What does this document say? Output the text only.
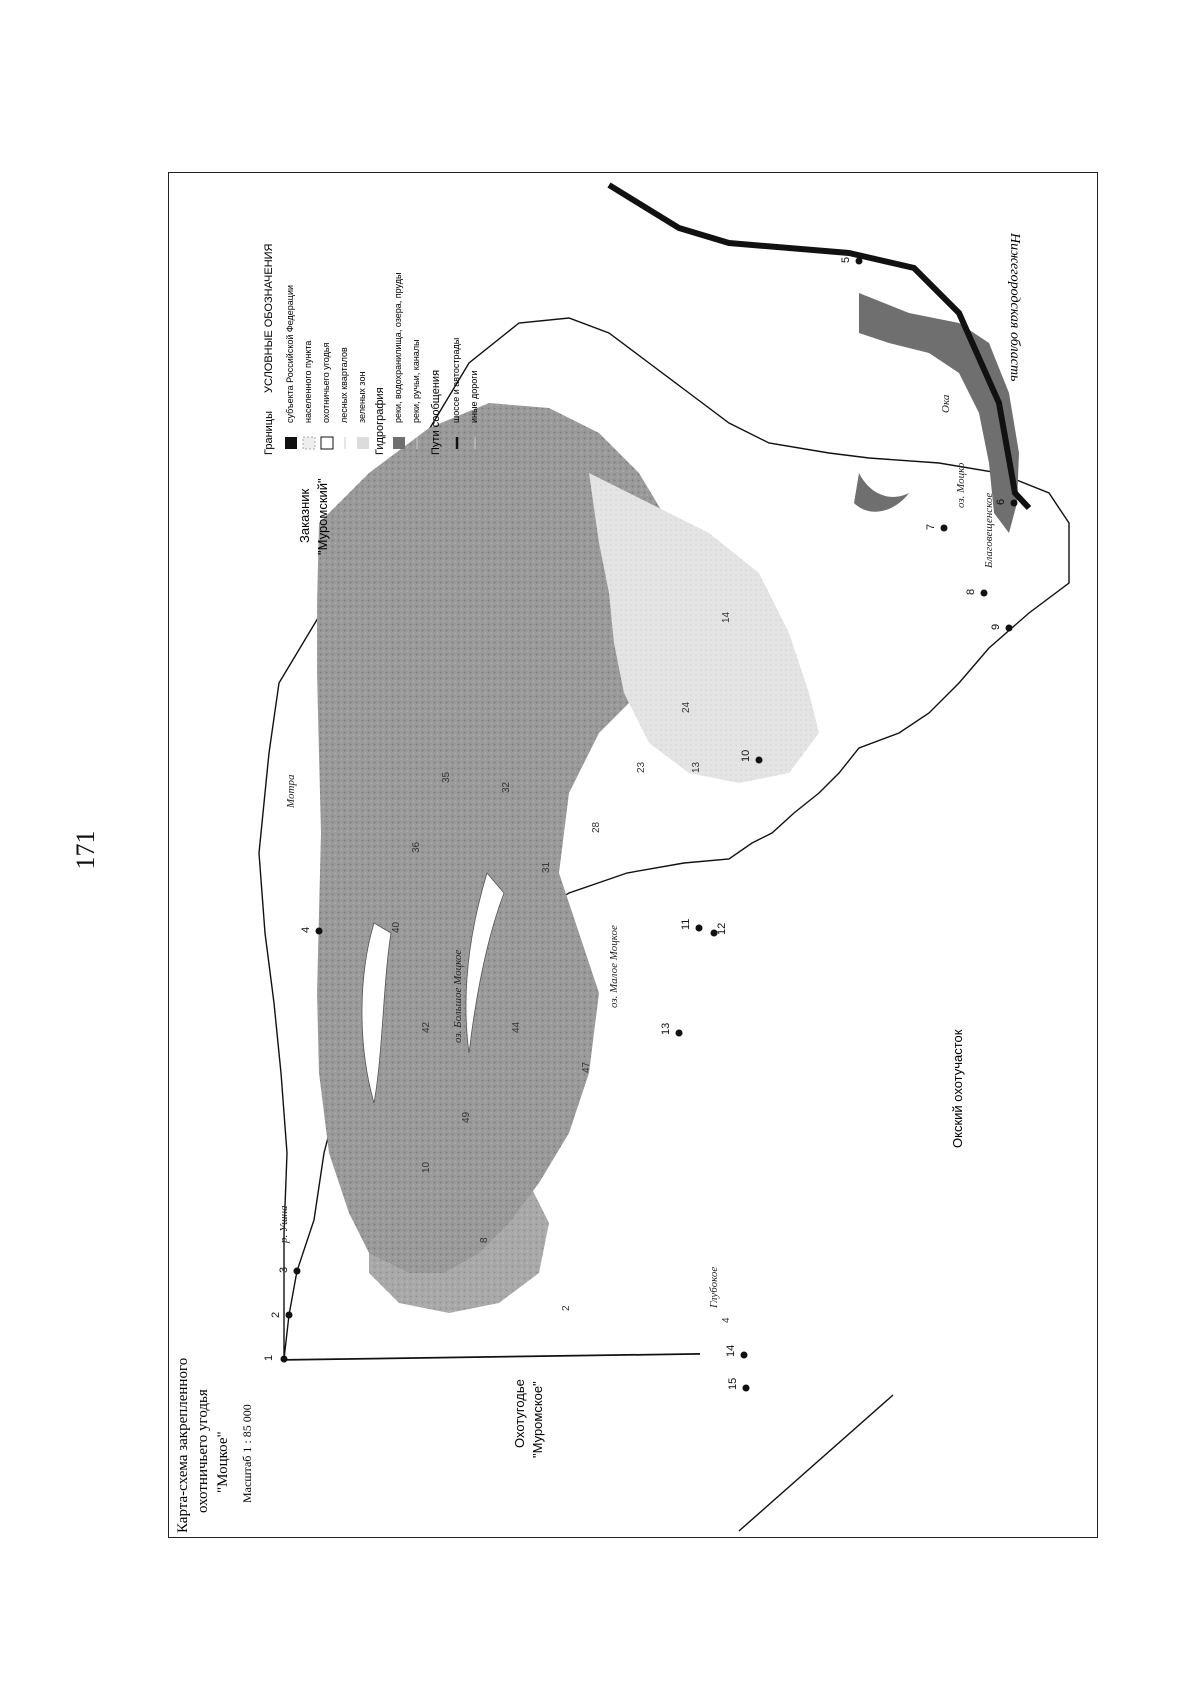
171
1
2
3
4
5
6
7
8
9
10
11 12
13
14
15
2
4
8
10
13
14
23
24
28
31
32
35
36
40
42	44
47
49
Ока
оз. Моцко
оз. Малое Моцкое
оз. Большое Моцкое
Благовещенское
р. Ушна
Глубокое
Мотра
Карта-схема закрепленного охотничьего угодья "Моцкое" Масштаб 1 : 85 000
Заказник "Муромский"
Охотугодье "Муромское"
Окский охотучасток
Нижегородская область
УСЛОВНЫЕ ОБОЗНАЧЕНИЯ
Границы
субъекта Российской Федерации населенного пункта охотничьего угодья лесных кварталов зеленых зон Гидрография реки, водохранилища, озера, пруды реки, ручьи, каналы Пути сообщения шоссе и автострады иные дороги
